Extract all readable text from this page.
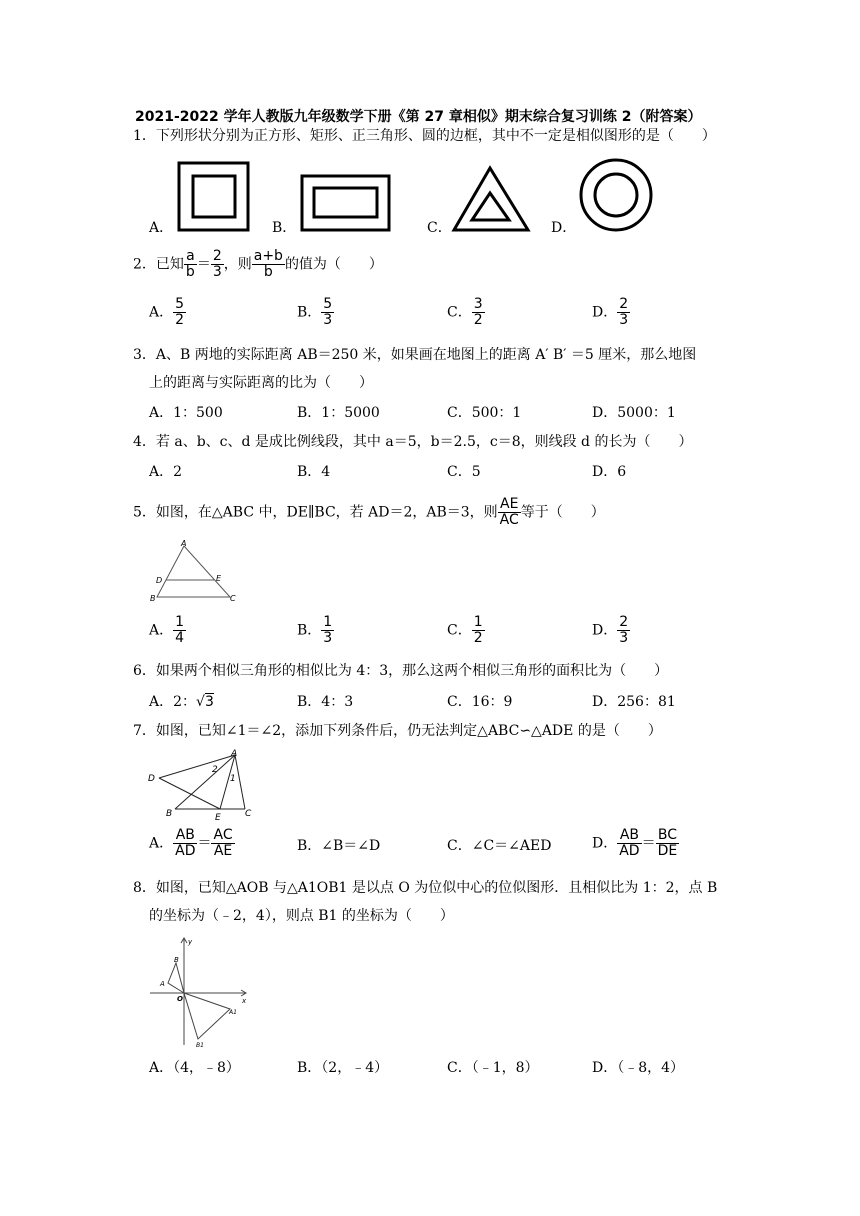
2021-2022 学年人教版九年级数学下册《第 27 章相似》期末综合复习训练 2（附答案）
1．下列形状分别为正方形、矩形、正三角形、圆的边框，其中不一定是相似图形的是（　　）
A．	B．	C．	D．
2．已知 $\frac{a}{b} = \frac{2}{3}$ ，则 $\frac{a+b}{b}$ 的值为（　　）
A． $\frac{5}{2}$	B． $\frac{5}{3}$	C． $\frac{3}{2}$	D． $\frac{2}{3}$
3．A、B 两地的实际距离 AB＝250 米，如果画在地图上的距离 A′ B′ ＝5 厘米，那么地图
上的距离与实际距离的比为（　　）
A．1：500	B．1：5000	C．500：1	D．5000：1
4．若 a、b、c、d 是成比例线段，其中 a＝5，b＝2.5，c＝8，则线段 d 的长为（　　）
A．2	B．4	C．5	D．6
5．如图，在△ABC 中，DE∥BC，若 AD＝2，AB＝3，则 $\frac{AE}{AC}$ 等于（　　）
A
D	E
B	C
A． $\frac{1}{4}$	B． $\frac{1}{3}$	C． $\frac{1}{2}$	D． $\frac{2}{3}$
6．如果两个相似三角形的相似比为 4：3，那么这两个相似三角形的面积比为（　　）
A．2：√3	B．4：3	C．16：9	D．256：81
7．如图，已知∠1＝∠2，添加下列条件后，仍无法判定△ABC∽△ADE 的是（　　）
A
D
B	E	C
2
1
A． $\frac{AB}{AD} = \frac{AC}{AE}$	B．∠B＝∠D	C．∠C＝∠AED	D． $\frac{AB}{AD} = \frac{BC}{DE}$
8．如图，已知△AOB 与△A1OB1 是以点 O 为位似中心的位似图形．且相似比为 1：2，点 B
的坐标为（﹣2，4），则点 B1 的坐标为（　　）
y
x
O
A
B
A1
B1
A．（4，﹣8）	B．（2，﹣4）	C．（﹣1，8）	D．（﹣8，4）
